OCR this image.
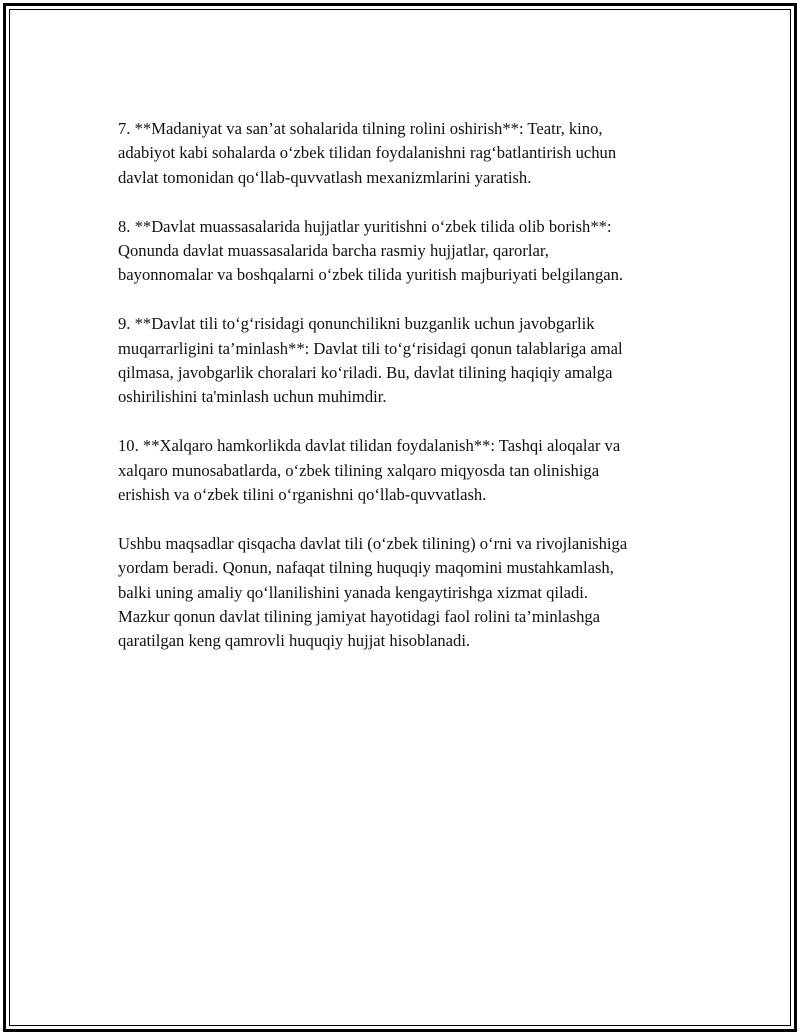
7. **Madaniyat va san’at sohalarida tilning rolini oshirish**: Teatr, kino,
adabiyot kabi sohalarda o‘zbek tilidan foydalanishni rag‘batlantirish uchun
davlat tomonidan qo‘llab-quvvatlash mexanizmlarini yaratish.

8. **Davlat muassasalarida hujjatlar yuritishni o‘zbek tilida olib borish**:
Qonunda davlat muassasalarida barcha rasmiy hujjatlar, qarorlar,
bayonnomalar va boshqalarni o‘zbek tilida yuritish majburiyati belgilangan.

9. **Davlat tili to‘g‘risidagi qonunchilikni buzganlik uchun javobgarlik
muqarrarligini ta’minlash**: Davlat tili to‘g‘risidagi qonun talablariga amal
qilmasa, javobgarlik choralari ko‘riladi. Bu, davlat tilining haqiqiy amalga
oshirilishini ta'minlash uchun muhimdir.

10. **Xalqaro hamkorlikda davlat tilidan foydalanish**: Tashqi aloqalar va
xalqaro munosabatlarda, o‘zbek tilining xalqaro miqyosda tan olinishiga
erishish va o‘zbek tilini o‘rganishni qo‘llab-quvvatlash.

Ushbu maqsadlar qisqacha davlat tili (o‘zbek tilining) o‘rni va rivojlanishiga
yordam beradi. Qonun, nafaqat tilning huquqiy maqomini mustahkamlash,
balki uning amaliy qo‘llanilishini yanada kengaytirishga xizmat qiladi.
Mazkur qonun davlat tilining jamiyat hayotidagi faol rolini ta’minlashga
qaratilgan keng qamrovli huquqiy hujjat hisoblanadi.
